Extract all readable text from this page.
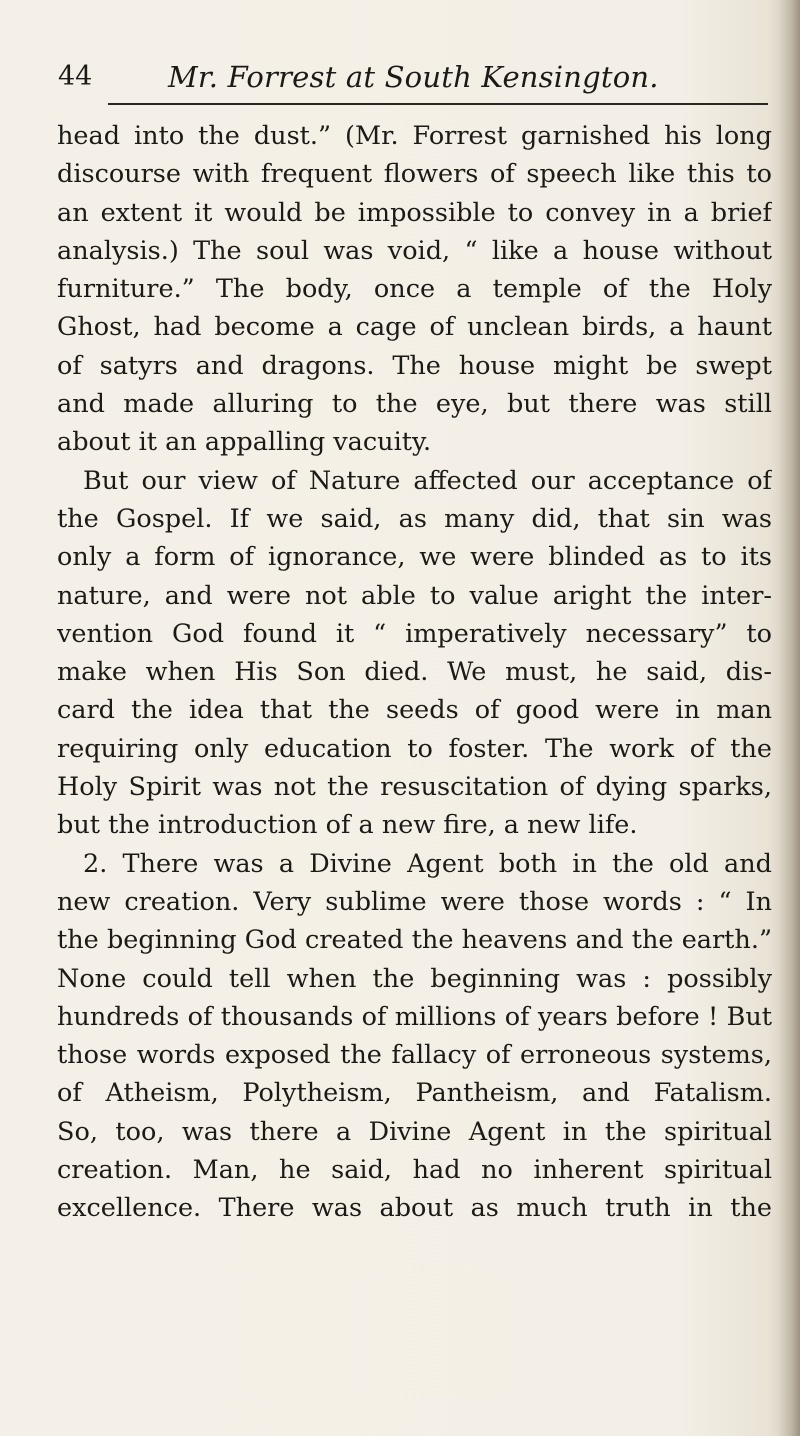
44	Mr. Forrest at South Kensington.
head into the dust.” (Mr. Forrest garnished his long
discourse with frequent flowers of speech like this to
an extent it would be impossible to convey in a brief
analysis.) The soul was void, “ like a house without
furniture.” The body, once a temple of the Holy
Ghost, had become a cage of unclean birds, a haunt
of satyrs and dragons. The house might be swept
and made alluring to the eye, but there was still
about it an appalling vacuity.
But our view of Nature affected our acceptance of
the Gospel. If we said, as many did, that sin was
only a form of ignorance, we were blinded as to its
nature, and were not able to value aright the inter-
vention God found it “ imperatively necessary” to
make when His Son died. We must, he said, dis-
card the idea that the seeds of good were in man
requiring only education to foster. The work of the
Holy Spirit was not the resuscitation of dying sparks,
but the introduction of a new fire, a new life.
2. There was a Divine Agent both in the old and
new creation. Very sublime were those words : “ In
the beginning God created the heavens and the earth.”
None could tell when the beginning was : possibly
hundreds of thousands of millions of years before ! But
those words exposed the fallacy of erroneous systems,
of Atheism, Polytheism, Pantheism, and Fatalism.
So, too, was there a Divine Agent in the spiritual
creation. Man, he said, had no inherent spiritual
excellence. There was about as much truth in the
